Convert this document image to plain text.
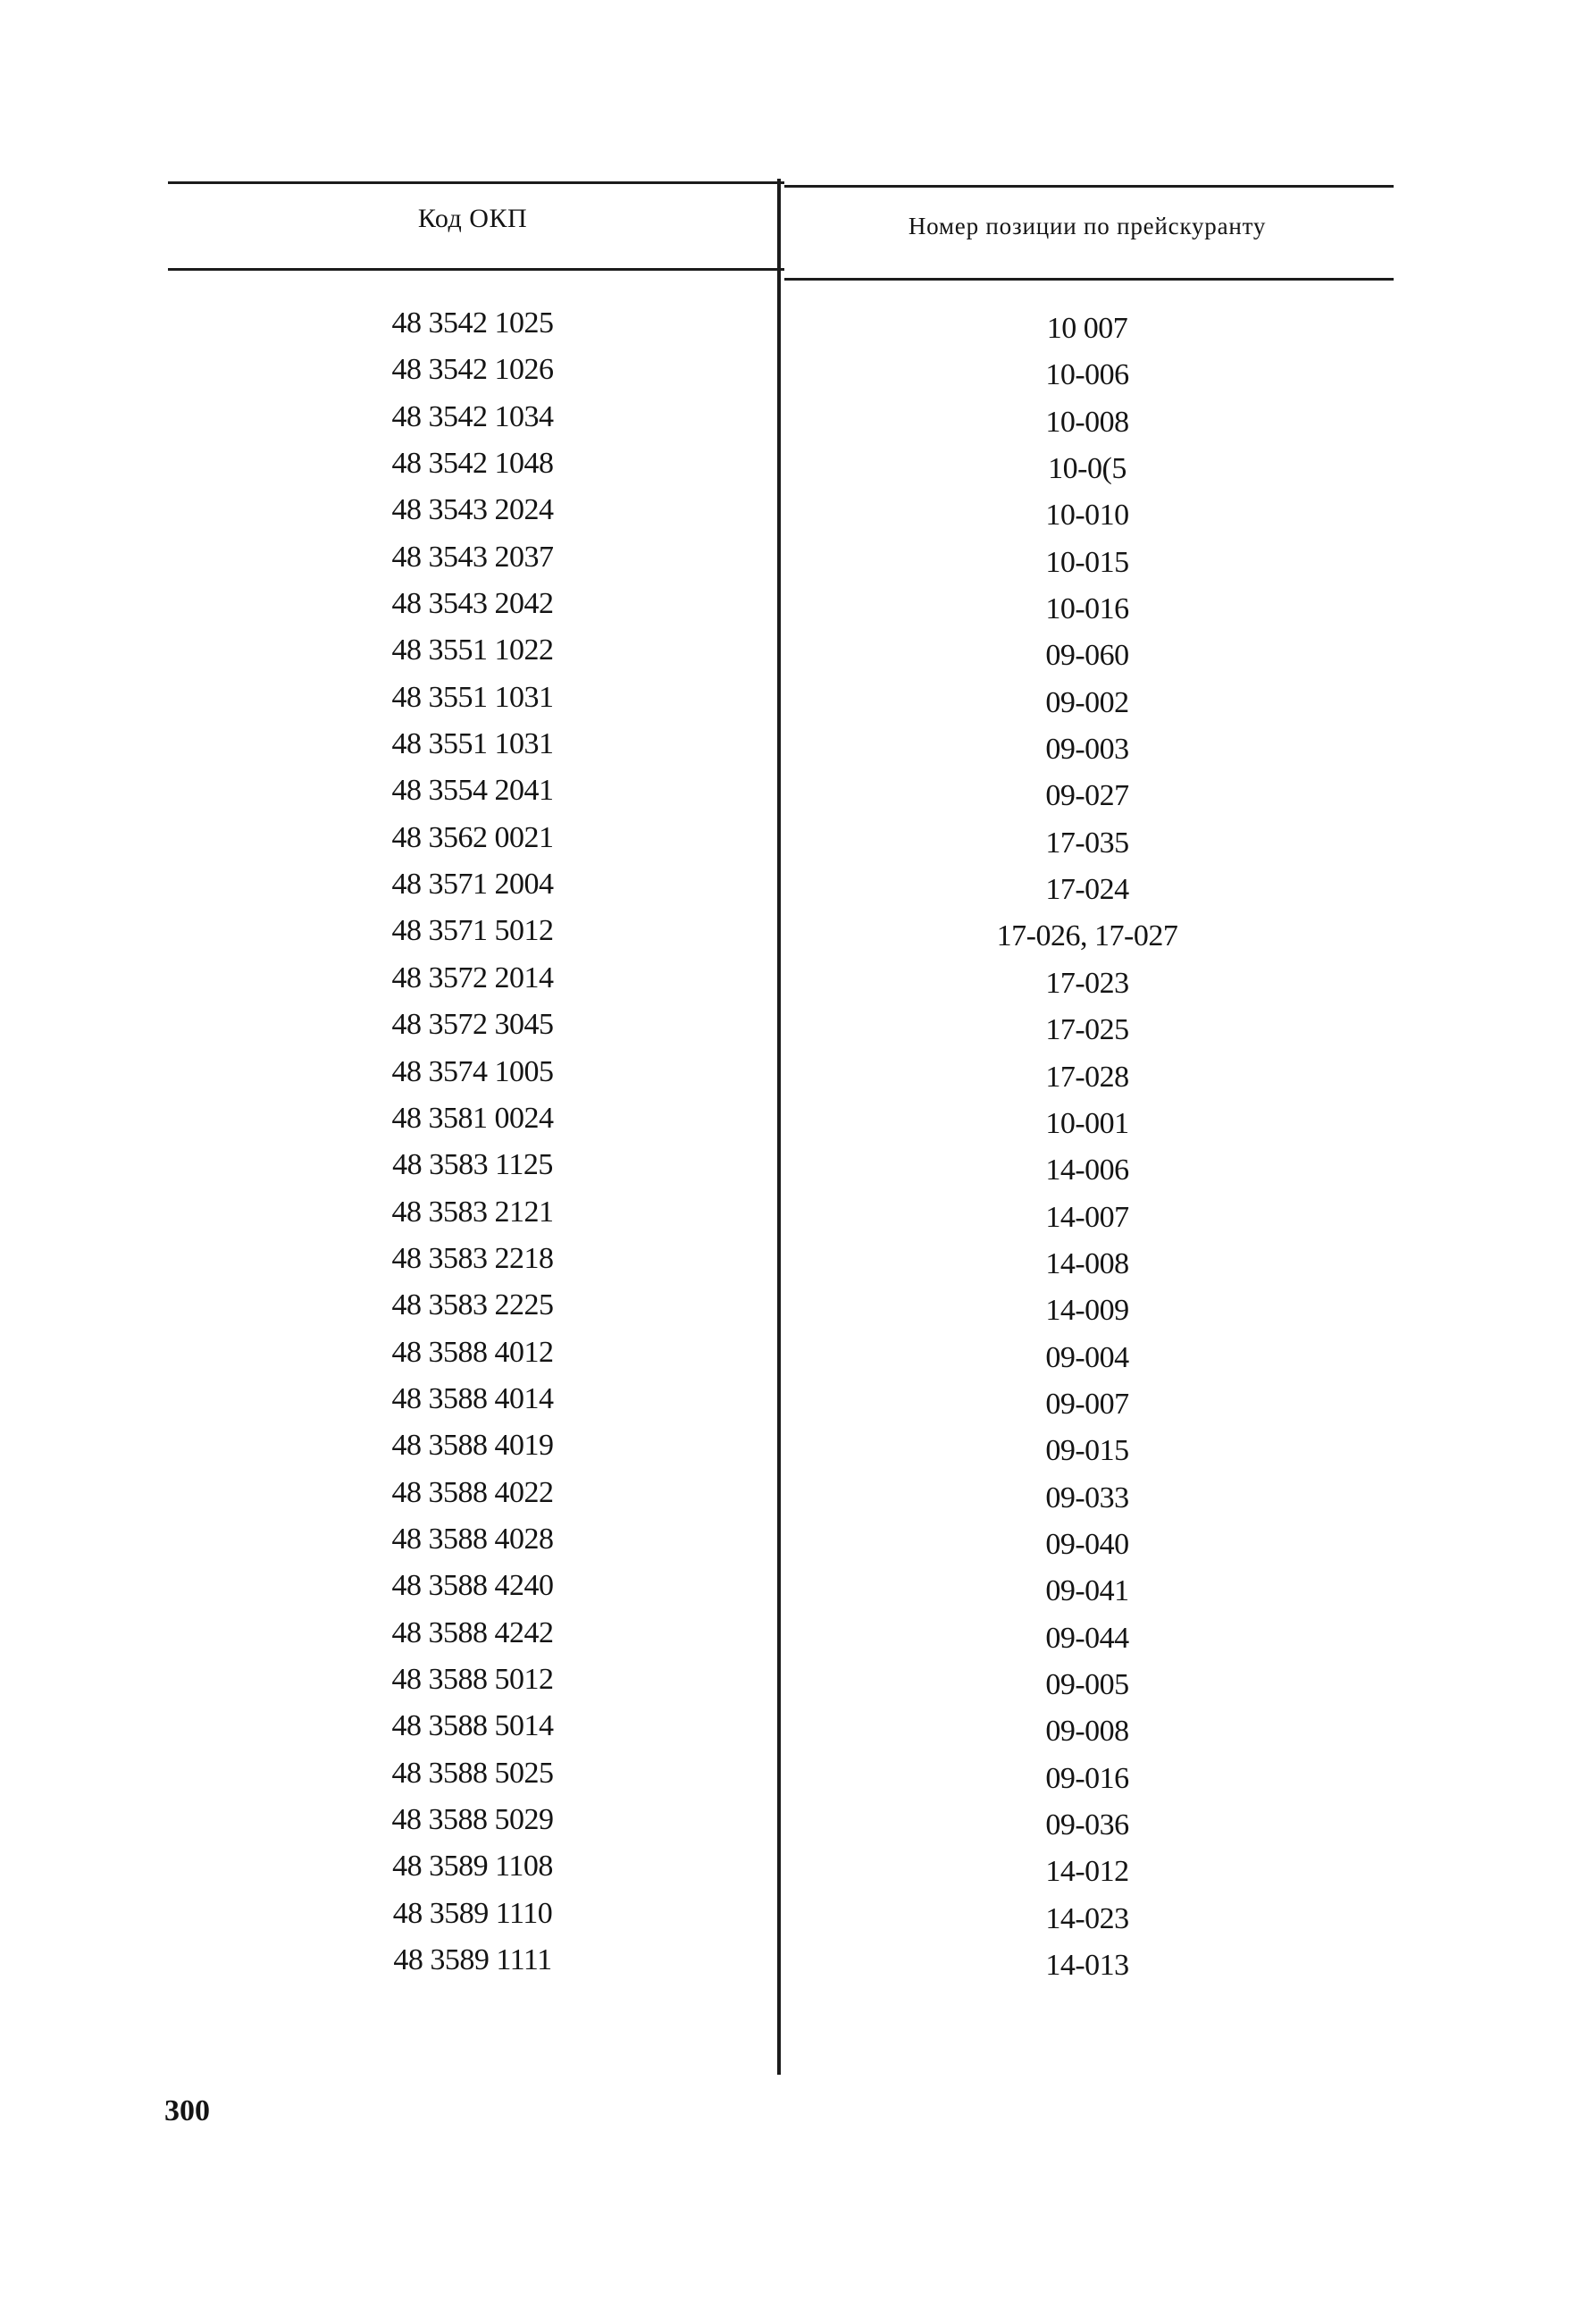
Код ОКП	Номер позиции по прейскуранту
48 3542 1025
48 3542 1026
48 3542 1034
48 3542 1048
48 3543 2024
48 3543 2037
48 3543 2042
48 3551 1022
48 3551 1031
48 3551 1031
48 3554 2041
48 3562 0021
48 3571 2004
48 3571 5012
48 3572 2014
48 3572 3045
48 3574 1005
48 3581 0024
48 3583 1125
48 3583 2121
48 3583 2218
48 3583 2225
48 3588 4012
48 3588 4014
48 3588 4019
48 3588 4022
48 3588 4028
48 3588 4240
48 3588 4242
48 3588 5012
48 3588 5014
48 3588 5025
48 3588 5029
48 3589 1108
48 3589 1110
48 3589 1111
10 007
10-006
10-008
10-0(5
10-010
10-015
10-016
09-060
09-002
09-003
09-027
17-035
17-024
17-026, 17-027
17-023
17-025
17-028
10-001
14-006
14-007
14-008
14-009
09-004
09-007
09-015
09-033
09-040
09-041
09-044
09-005
09-008
09-016
09-036
14-012
14-023
14-013
300
